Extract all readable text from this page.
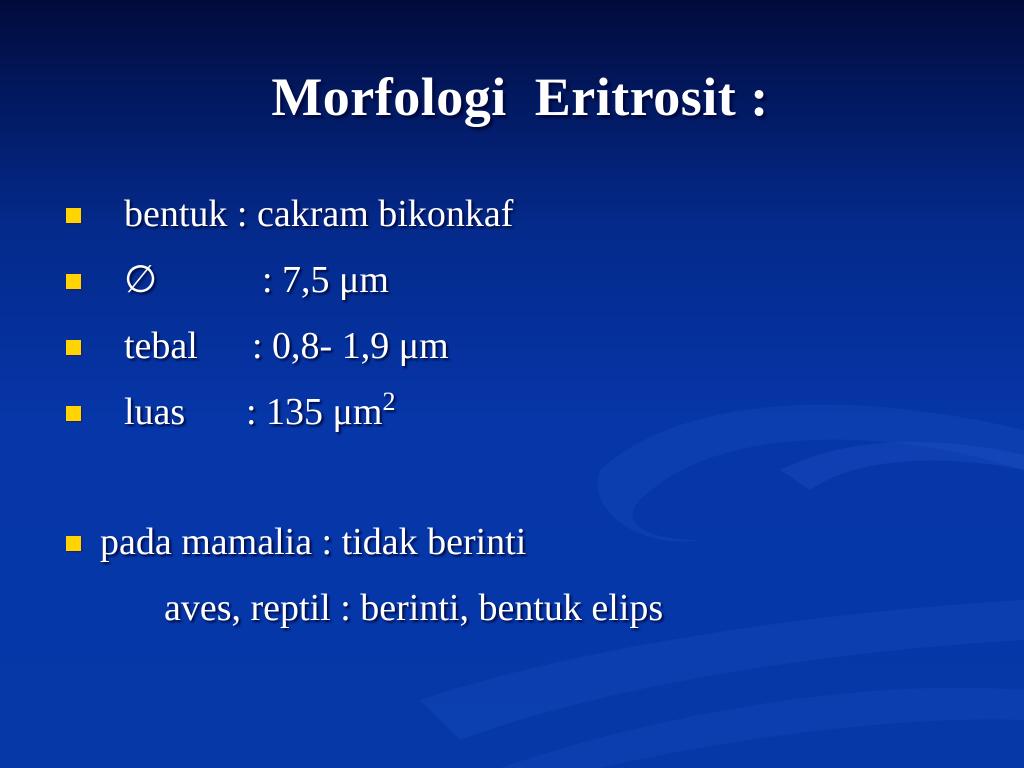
Morfologi  Eritrosit :

bentuk : cakram bikonkaf

∅

	: 7,5 μm

tebal

: 0,8- 1,9 μm

luas

: 135 $\mu m^2$

pada mamalia : tidak berinti

aves, reptil : berinti, bentuk elips
